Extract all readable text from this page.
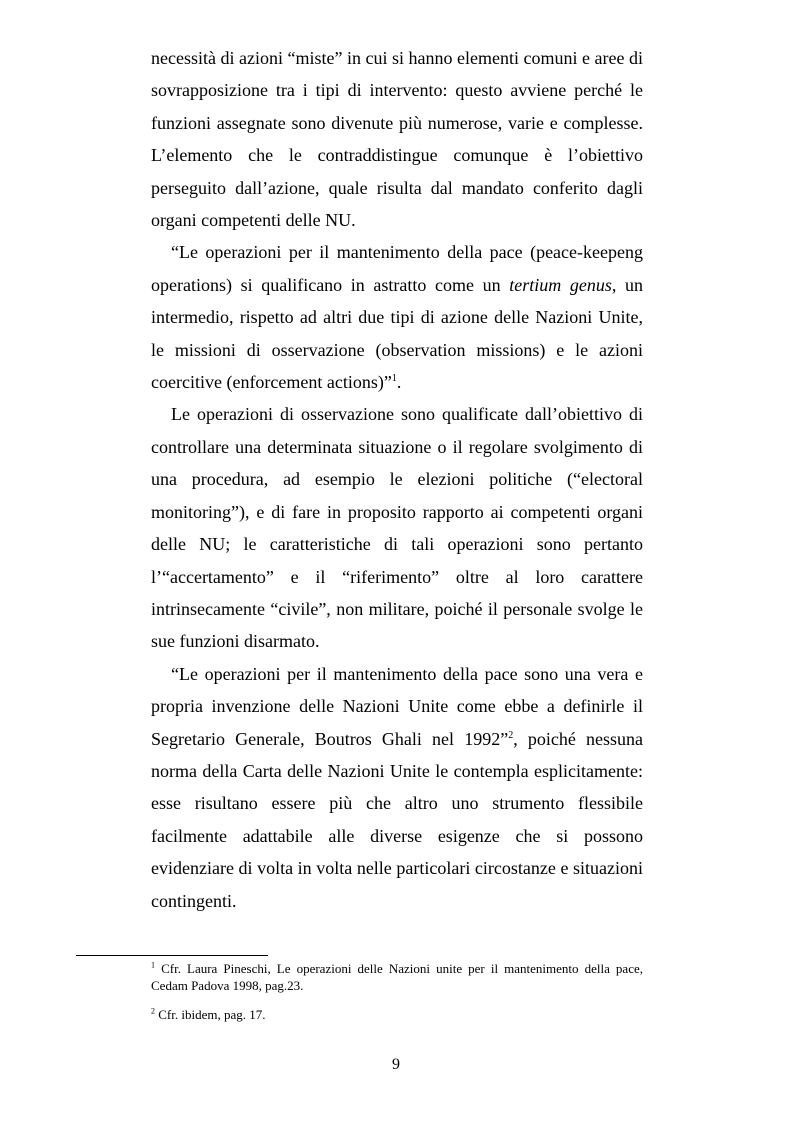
necessità di azioni “miste” in cui si hanno elementi comuni e aree di sovrapposizione tra i tipi di intervento: questo avviene perché le funzioni assegnate sono divenute più numerose, varie e complesse. L’elemento che le contraddistingue comunque è l’obiettivo perseguito dall’azione, quale risulta dal mandato conferito dagli organi competenti delle NU.

“Le operazioni per il mantenimento della pace (peace-keepeng operations) si qualificano in astratto come un tertium genus, un intermedio, rispetto ad altri due tipi di azione delle Nazioni Unite, le missioni di osservazione (observation missions) e le azioni coercitive (enforcement actions)”$^1$.

Le operazioni di osservazione sono qualificate dall’obiettivo di controllare una determinata situazione o il regolare svolgimento di una procedura, ad esempio le elezioni politiche (“electoral monitoring”), e di fare in proposito rapporto ai competenti organi delle NU; le caratteristiche di tali operazioni sono pertanto l’“accertamento” e il “riferimento” oltre al loro carattere intrinsecamente “civile”, non militare, poiché il personale svolge le sue funzioni disarmato.

“Le operazioni per il mantenimento della pace sono una vera e propria invenzione delle Nazioni Unite come ebbe a definirle il Segretario Generale, Boutros Ghali nel 1992”$^2$, poiché nessuna norma della Carta delle Nazioni Unite le contempla esplicitamente: esse risultano essere più che altro uno strumento flessibile facilmente adattabile alle diverse esigenze che si possono evidenziare di volta in volta nelle particolari circostanze e situazioni contingenti.

$^1$ Cfr. Laura Pineschi, Le operazioni delle Nazioni unite per il mantenimento della pace, Cedam Padova 1998, pag.23.

$^2$ Cfr. ibidem, pag. 17.

9
